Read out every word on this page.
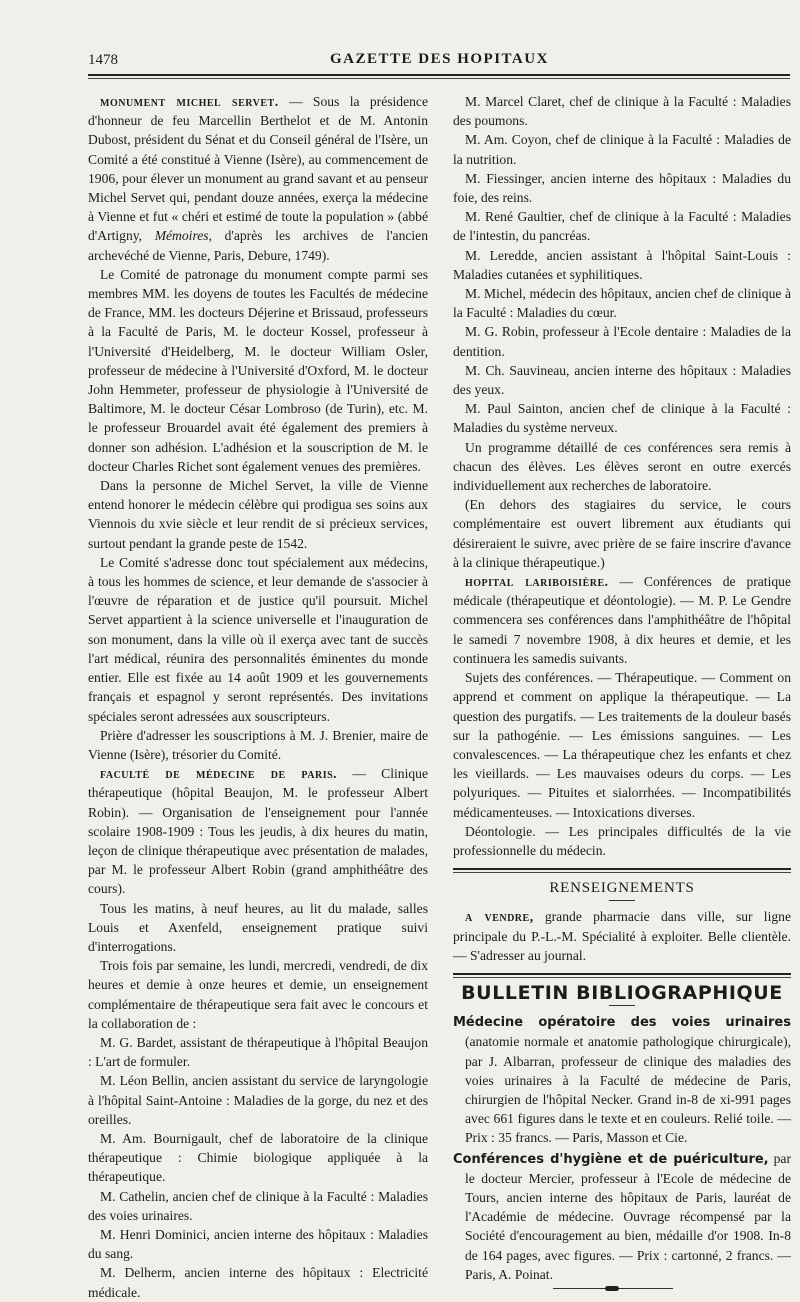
1478	GAZETTE DES HOPITAUX

monument michel servet. — Sous la présidence d'honneur de feu Marcellin Berthelot et de M. Antonin Dubost, président du Sénat et du Conseil général de l'Isère, un Comité a été constitué à Vienne (Isère), au commencement de 1906, pour élever un monument au grand savant et au penseur Michel Servet qui, pendant douze années, exerça la médecine à Vienne et fut « chéri et estimé de toute la population » (abbé d'Artigny, Mémoires, d'après les archives de l'ancien archevéché de Vienne, Paris, Debure, 1749).

Le Comité de patronage du monument compte parmi ses membres MM. les doyens de toutes les Facultés de médecine de France, MM. les docteurs Déjerine et Brissaud, professeurs à la Faculté de Paris, M. le docteur Kossel, professeur à l'Université d'Heidelberg, M. le docteur William Osler, professeur de médecine à l'Université d'Oxford, M. le docteur John Hemmeter, professeur de physiologie à l'Université de Baltimore, M. le docteur César Lombroso (de Turin), etc. M. le professeur Brouardel avait été également des premiers à donner son adhésion. L'adhésion et la souscription de M. le docteur Charles Richet sont également venues des premières.

Dans la personne de Michel Servet, la ville de Vienne entend honorer le médecin célèbre qui prodigua ses soins aux Viennois du xvie siècle et leur rendit de si précieux services, surtout pendant la grande peste de 1542.

Le Comité s'adresse donc tout spécialement aux médecins, à tous les hommes de science, et leur demande de s'associer à l'œuvre de réparation et de justice qu'il poursuit. Michel Servet appartient à la science universelle et l'inauguration de son monument, dans la ville où il exerça avec tant de succès l'art médical, réunira des personnalités éminentes du monde entier. Elle est fixée au 14 août 1909 et les gouvernements français et espagnol y seront représentés. Des invitations spéciales seront adressées aux souscripteurs.

Prière d'adresser les souscriptions à M. J. Brenier, maire de Vienne (Isère), trésorier du Comité.

faculté de médecine de paris. — Clinique thérapeutique (hôpital Beaujon, M. le professeur Albert Robin). — Organisation de l'enseignement pour l'année scolaire 1908-1909 : Tous les jeudis, à dix heures du matin, leçon de clinique thérapeutique avec présentation de malades, par M. le professeur Albert Robin (grand amphithéâtre des cours).

Tous les matins, à neuf heures, au lit du malade, salles Louis et Axenfeld, enseignement pratique suivi d'interrogations.

Trois fois par semaine, les lundi, mercredi, vendredi, de dix heures et demie à onze heures et demie, un enseignement complémentaire de thérapeutique sera fait avec le concours et la collaboration de :

M. G. Bardet, assistant de thérapeutique à l'hôpital Beaujon : L'art de formuler.

M. Léon Bellin, ancien assistant du service de laryngologie à l'hôpital Saint-Antoine : Maladies de la gorge, du nez et des oreilles.

M. Am. Bournigault, chef de laboratoire de la clinique thérapeutique : Chimie biologique appliquée à la thérapeutique.

M. Cathelin, ancien chef de clinique à la Faculté : Maladies des voies urinaires.

M. Henri Dominici, ancien interne des hôpitaux : Maladies du sang.

M. Delherm, ancien interne des hôpitaux : Electricité médicale.

M. Marcel Claret, chef de clinique à la Faculté : Maladies des poumons.

M. Am. Coyon, chef de clinique à la Faculté : Maladies de la nutrition.

M. Fiessinger, ancien interne des hôpitaux : Maladies du foie, des reins.

M. René Gaultier, chef de clinique à la Faculté : Maladies de l'intestin, du pancréas.

M. Leredde, ancien assistant à l'hôpital Saint-Louis : Maladies cutanées et syphilitiques.

M. Michel, médecin des hôpitaux, ancien chef de clinique à la Faculté : Maladies du cœur.

M. G. Robin, professeur à l'Ecole dentaire : Maladies de la dentition.

M. Ch. Sauvineau, ancien interne des hôpitaux : Maladies des yeux.

M. Paul Sainton, ancien chef de clinique à la Faculté : Maladies du système nerveux.

Un programme détaillé de ces conférences sera remis à chacun des élèves. Les élèves seront en outre exercés individuellement aux recherches de laboratoire.

(En dehors des stagiaires du service, le cours complémentaire est ouvert librement aux étudiants qui désireraient le suivre, avec prière de se faire inscrire d'avance à la clinique thérapeutique.)

hopital lariboisière. — Conférences de pratique médicale (thérapeutique et déontologie). — M. P. Le Gendre commencera ses conférences dans l'amphithéâtre de l'hôpital le samedi 7 novembre 1908, à dix heures et demie, et les continuera les samedis suivants.

Sujets des conférences. — Thérapeutique. — Comment on apprend et comment on applique la thérapeutique. — La question des purgatifs. — Les traitements de la douleur basés sur la pathogénie. — Les émissions sanguines. — Les convalescences. — La thérapeutique chez les enfants et chez les vieillards. — Les mauvaises odeurs du corps. — Les polyuriques. — Pituites et sialorrhées. — Incompatibilités médicamenteuses. — Intoxications diverses.

Déontologie. — Les principales difficultés de la vie professionnelle du médecin.

RENSEIGNEMENTS

a vendre, grande pharmacie dans ville, sur ligne principale du P.-L.-M. Spécialité à exploiter. Belle clientèle. — S'adresser au journal.

BULLETIN BIBLIOGRAPHIQUE

Médecine opératoire des voies urinaires (anatomie normale et anatomie pathologique chirurgicale), par J. Albarran, professeur de clinique des maladies des voies urinaires à la Faculté de médecine de Paris, chirurgien de l'hôpital Necker. Grand in-8 de xi-991 pages avec 661 figures dans le texte et en couleurs. Relié toile. — Prix : 35 francs. — Paris, Masson et Cie.

Conférences d'hygiène et de puériculture, par le docteur Mercier, professeur à l'Ecole de médecine de Tours, ancien interne des hôpitaux de Paris, lauréat de l'Académie de médecine. Ouvrage récompensé par la Société d'encouragement au bien, médaille d'or 1908. In-8 de 164 pages, avec figures. — Prix : cartonné, 2 francs. — Paris, A. Poinat.
